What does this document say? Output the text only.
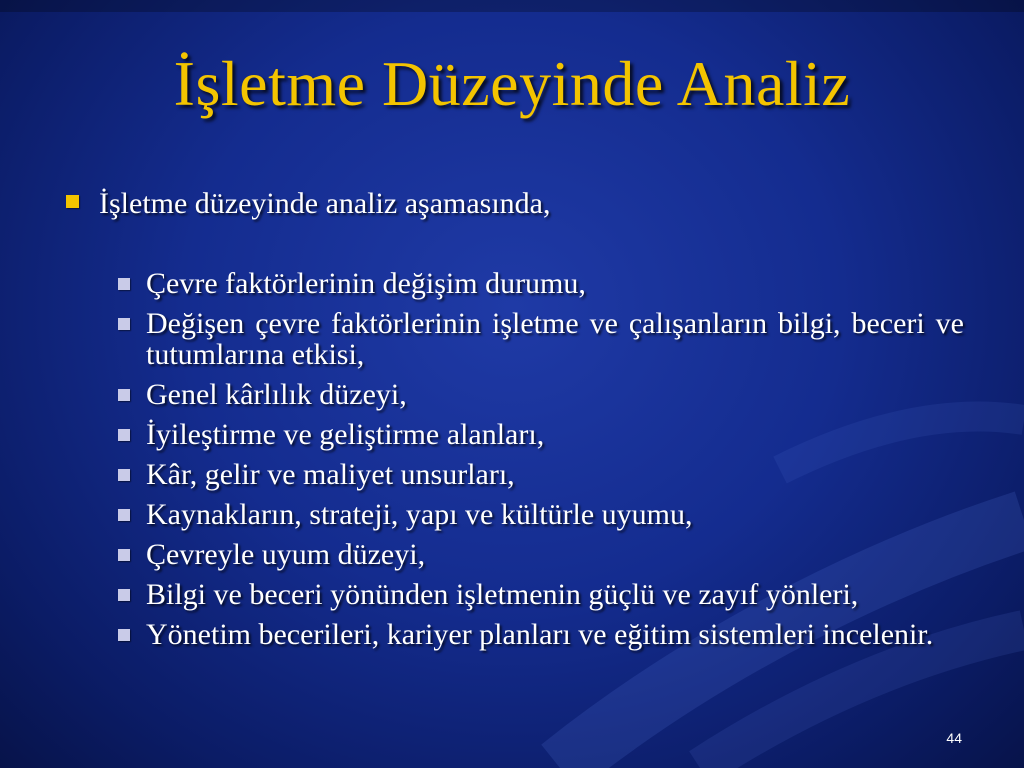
İşletme Düzeyinde Analiz
İşletme düzeyinde analiz aşamasında,
Çevre faktörlerinin değişim durumu,
Değişen çevre faktörlerinin işletme ve çalışanların bilgi, beceri ve tutumlarına etkisi,
Genel kârlılık düzeyi,
İyileştirme ve geliştirme alanları,
Kâr, gelir ve maliyet unsurları,
Kaynakların, strateji, yapı ve kültürle uyumu,
Çevreyle uyum düzeyi,
Bilgi ve beceri yönünden işletmenin güçlü ve zayıf yönleri,
Yönetim becerileri, kariyer planları ve eğitim sistemleri incelenir.
44
